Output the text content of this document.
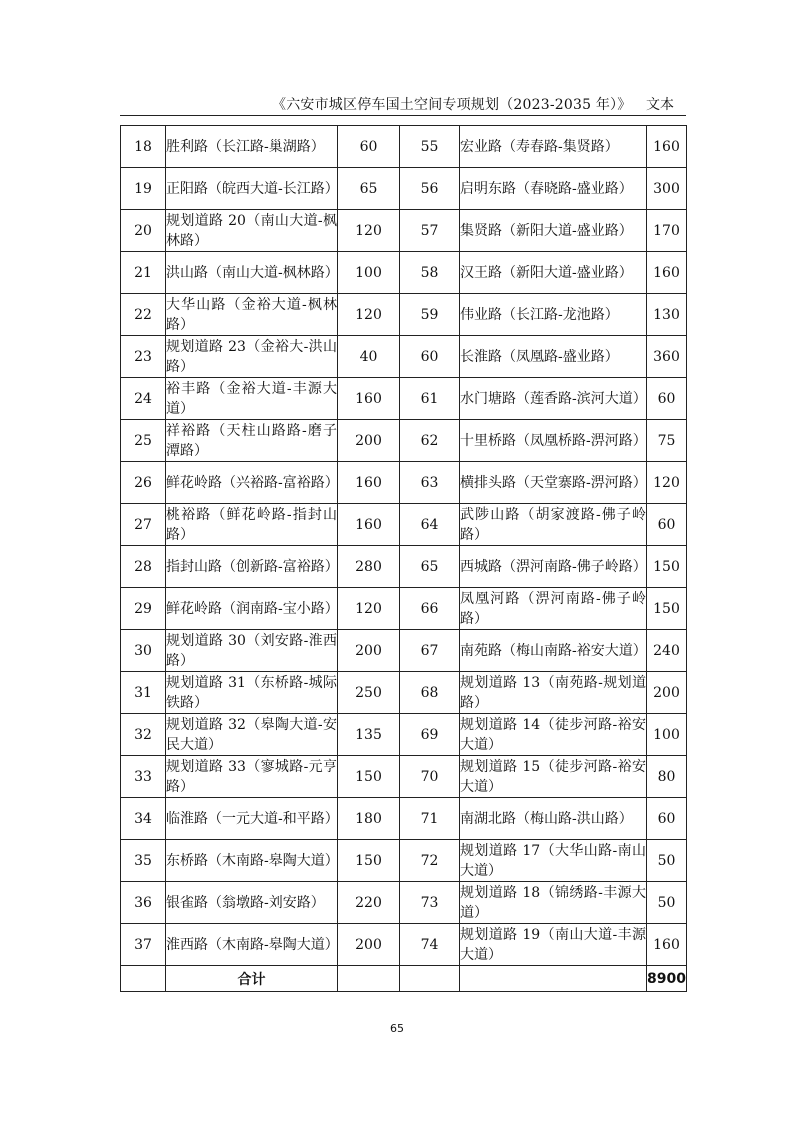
《六安市城区停车国土空间专项规划（2023-2035 年）》 文本
18	胜利路（长江路-巢湖路）	60	55	宏业路（寿春路-集贤路）	160
19	正阳路（皖西大道-长江路）	65	56	启明东路（春晓路-盛业路）	300
20	规划道路 20（南山大道-枫林路）	120	57	集贤路（新阳大道-盛业路）	170
21	洪山路（南山大道-枫林路）	100	58	汉王路（新阳大道-盛业路）	160
22	大华山路（金裕大道-枫林路）	120	59	伟业路（长江路-龙池路）	130
23	规划道路 23（金裕大-洪山路）	40	60	长淮路（凤凰路-盛业路）	360
24	裕丰路（金裕大道-丰源大道）	160	61	水门塘路（莲香路-滨河大道）	60
25	祥裕路（天柱山路路-磨子潭路）	200	62	十里桥路（凤凰桥路-淠河路）	75
26	鲜花岭路（兴裕路-富裕路）	160	63	横排头路（天堂寨路-淠河路）	120
27	桃裕路（鲜花岭路-指封山路）	160	64	武陟山路（胡家渡路-佛子岭路）	60
28	指封山路（创新路-富裕路）	280	65	西城路（淠河南路-佛子岭路）	150
29	鲜花岭路（润南路-宝小路）	120	66	凤凰河路（淠河南路-佛子岭路）	150
30	规划道路 30（刘安路-淮西路）	200	67	南苑路（梅山南路-裕安大道）	240
31	规划道路 31（东桥路-城际铁路）	250	68	规划道路 13（南苑路-规划道路）	200
32	规划道路 32（皋陶大道-安民大道）	135	69	规划道路 14（徒步河路-裕安大道）	100
33	规划道路 33（寥城路-元亨路）	150	70	规划道路 15（徒步河路-裕安大道）	80
34	临淮路（一元大道-和平路）	180	71	南湖北路（梅山路-洪山路）	60
35	东桥路（木南路-皋陶大道）	150	72	规划道路 17（大华山路-南山大道）	50
36	银雀路（翁墩路-刘安路）	220	73	规划道路 18（锦绣路-丰源大道）	50
37	淮西路（木南路-皋陶大道）	200	74	规划道路 19（南山大道-丰源大道）	160
	合计				8900
65
